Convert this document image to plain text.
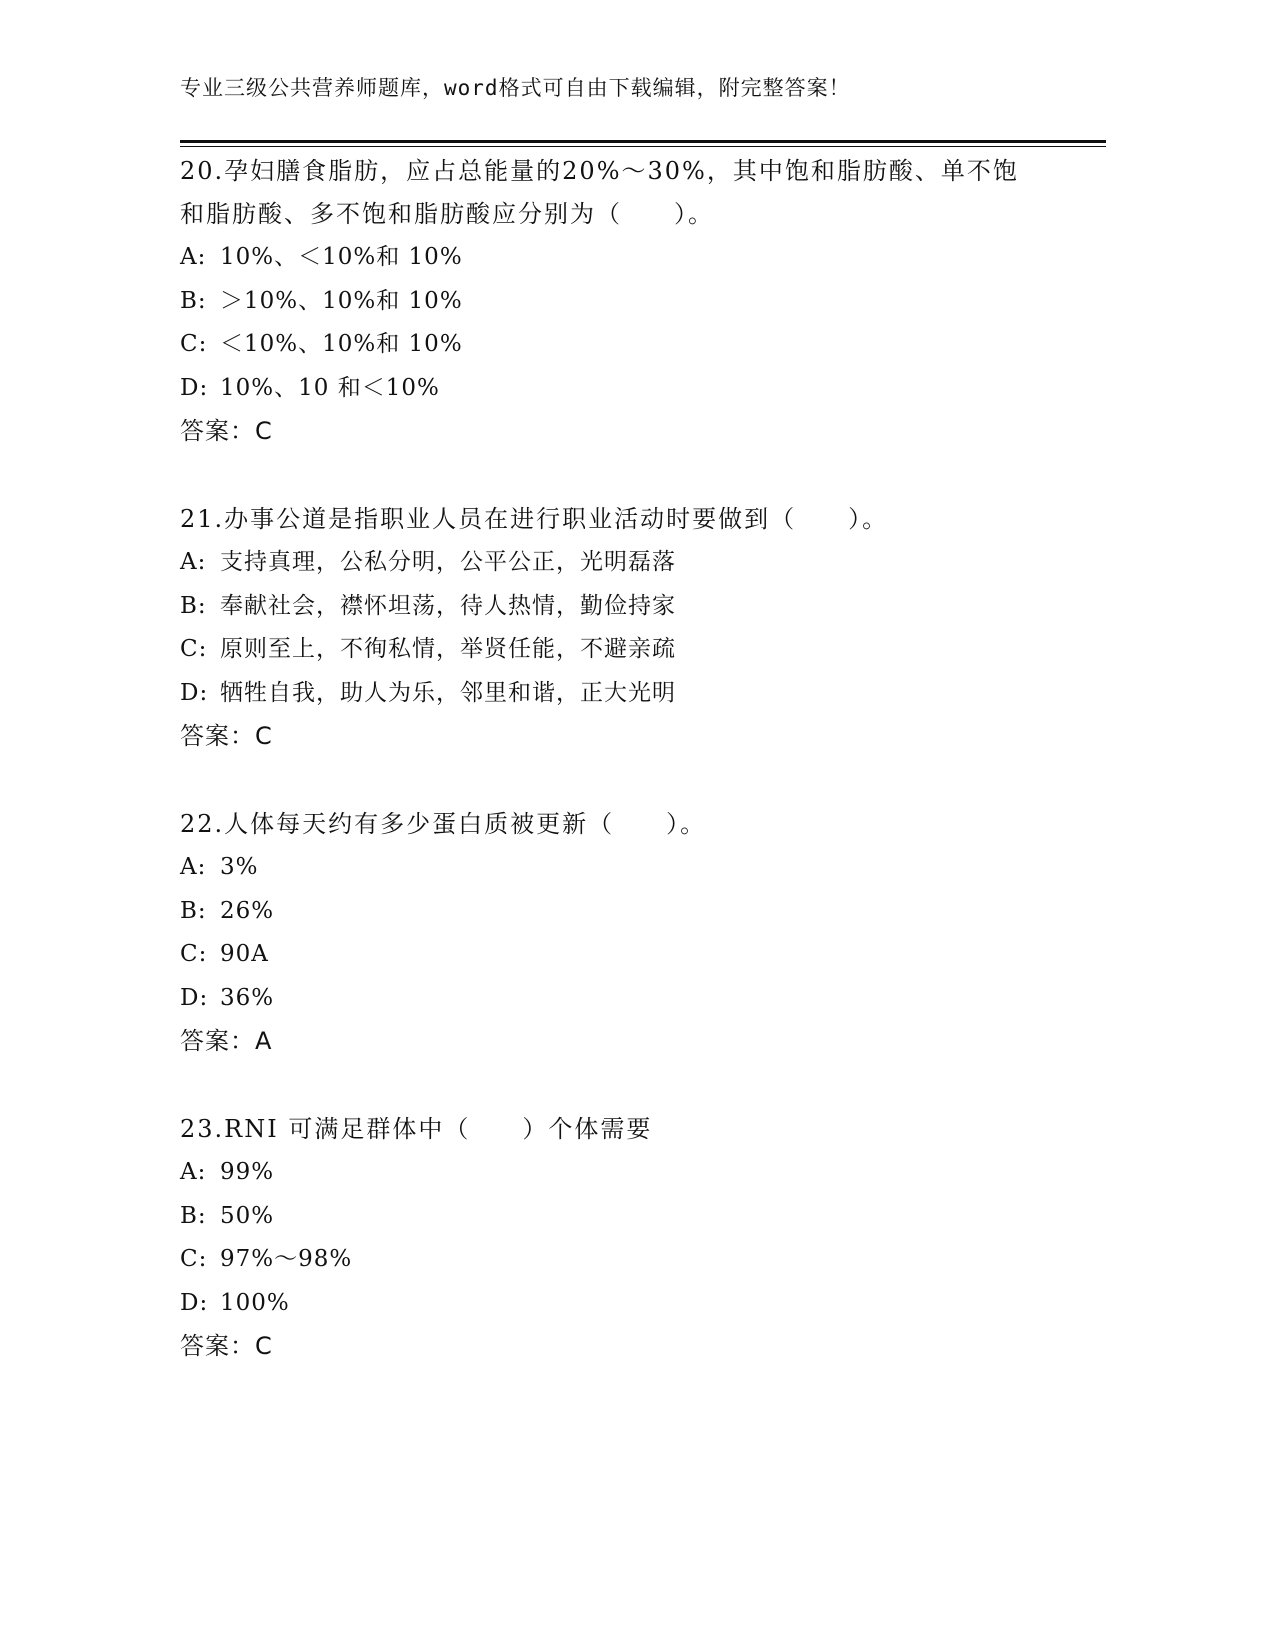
专业三级公共营养师题库，word格式可自由下载编辑，附完整答案！

20.孕妇膳食脂肪，应占总能量的20%～30%，其中饱和脂肪酸、单不饱

和脂肪酸、多不饱和脂肪酸应分别为（　　）。

A: 10%、＜10%和 10%

B: ＞10%、10%和 10%

C: ＜10%、10%和 10%

D: 10%、10 和＜10%

答案：C

21.办事公道是指职业人员在进行职业活动时要做到（　　）。

A: 支持真理，公私分明，公平公正，光明磊落

B: 奉献社会，襟怀坦荡，待人热情，勤俭持家

C: 原则至上，不徇私情，举贤任能，不避亲疏

D: 牺牲自我，助人为乐，邻里和谐，正大光明

答案：C

22.人体每天约有多少蛋白质被更新（　　）。

A: 3%

B: 26%

C: 90A

D: 36%

答案：A

23.RNI 可满足群体中（　　）个体需要

A: 99%

B: 50%

C: 97%～98%

D: 100%

答案：C
